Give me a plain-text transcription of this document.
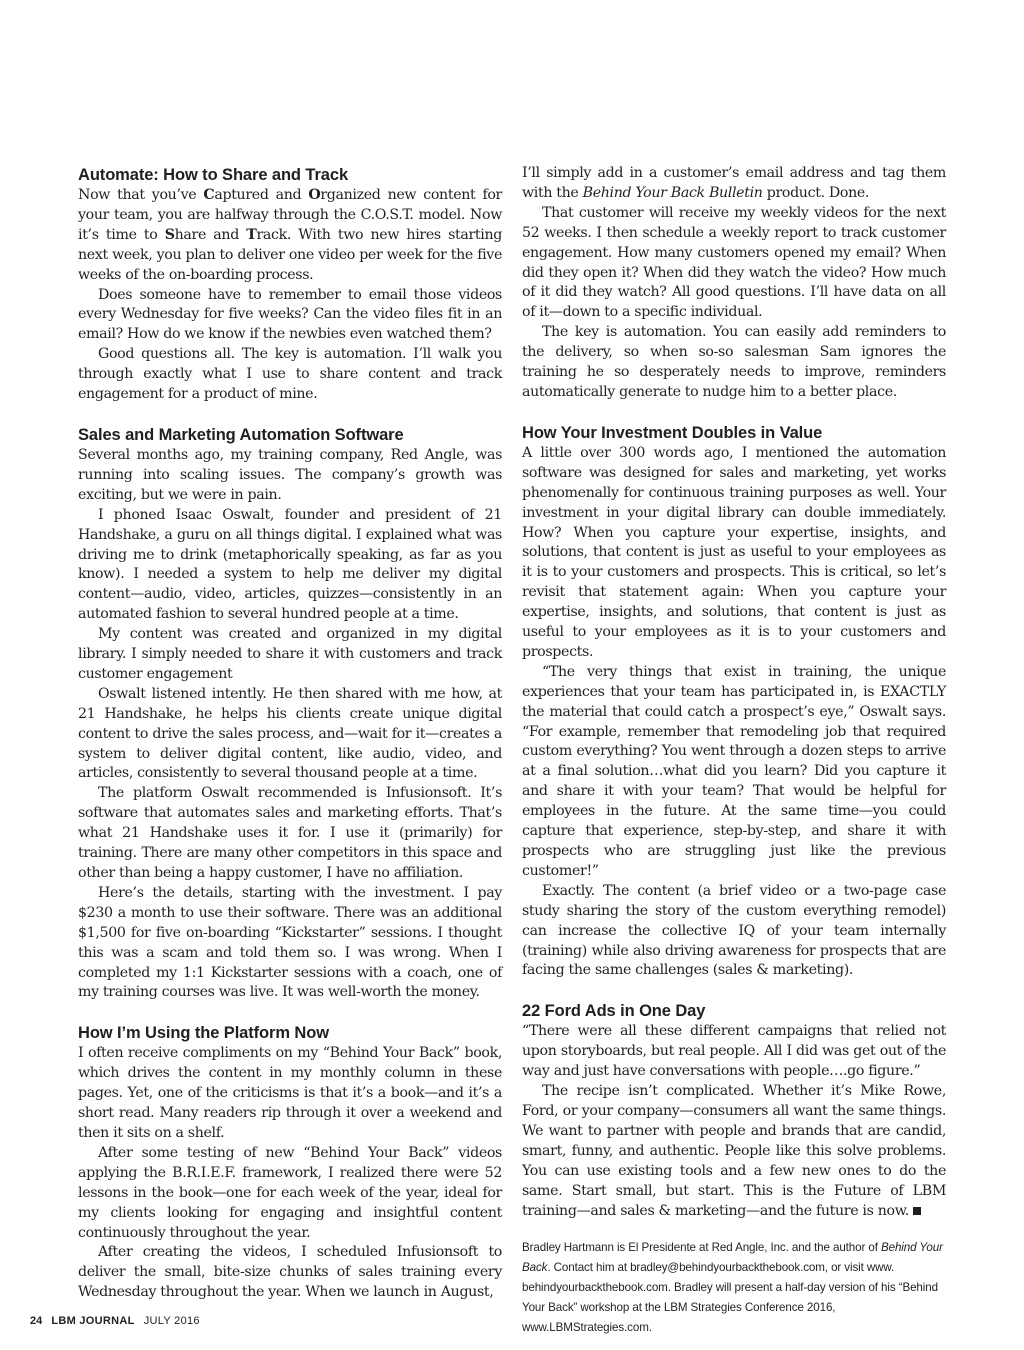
Automate: How to Share and Track

Now that you’ve Captured and Organized new content for your team, you are halfway through the C.O.S.T. model. Now it’s time to Share and Track. With two new hires starting next week, you plan to deliver one video per week for the five weeks of the on-boarding process.

Does someone have to remember to email those videos every Wednesday for five weeks? Can the video files fit in an email? How do we know if the newbies even watched them?

Good questions all. The key is automation. I’ll walk you through exactly what I use to share content and track engagement for a product of mine.

Sales and Marketing Automation Software

Several months ago, my training company, Red Angle, was running into scaling issues. The company’s growth was exciting, but we were in pain.

I phoned Isaac Oswalt, founder and president of 21 Handshake, a guru on all things digital. I explained what was driving me to drink (metaphorically speaking, as far as you know). I needed a system to help me deliver my digital content—audio, video, articles, quizzes—consistently in an automated fashion to several hundred people at a time.

My content was created and organized in my digital library. I simply needed to share it with customers and track customer engagement

Oswalt listened intently. He then shared with me how, at 21 Handshake, he helps his clients create unique digital content to drive the sales process, and—wait for it—creates a system to deliver digital content, like audio, video, and articles, consistently to several thousand people at a time.

The platform Oswalt recommended is Infusionsoft. It’s software that automates sales and marketing efforts. That’s what 21 Handshake uses it for. I use it (primarily) for training. There are many other competitors in this space and other than being a happy customer, I have no affiliation.

Here’s the details, starting with the investment. I pay $230 a month to use their software. There was an additional $1,500 for five on-boarding “Kickstarter” sessions. I thought this was a scam and told them so. I was wrong. When I completed my 1:1 Kickstarter sessions with a coach, one of my training courses was live. It was well-worth the money.

How I’m Using the Platform Now

I often receive compliments on my “Behind Your Back” book, which drives the content in my monthly column in these pages. Yet, one of the criticisms is that it’s a book—and it’s a short read. Many readers rip through it over a weekend and then it sits on a shelf.

After some testing of new “Behind Your Back” videos applying the B.R.I.E.F. framework, I realized there were 52 lessons in the book—one for each week of the year, ideal for my clients looking for engaging and insightful content continuously throughout the year.

After creating the videos, I scheduled Infusionsoft to deliver the small, bite-size chunks of sales training every Wednesday throughout the year. When we launch in August,

I’ll simply add in a customer’s email address and tag them with the Behind Your Back Bulletin product. Done.

That customer will receive my weekly videos for the next 52 weeks. I then schedule a weekly report to track customer engagement. How many customers opened my email? When did they open it? When did they watch the video? How much of it did they watch? All good questions. I’ll have data on all of it—down to a specific individual.

The key is automation. You can easily add reminders to the delivery, so when so-so salesman Sam ignores the training he so desperately needs to improve, reminders automatically generate to nudge him to a better place.

How Your Investment Doubles in Value

A little over 300 words ago, I mentioned the automation software was designed for sales and marketing, yet works phenomenally for continuous training purposes as well. Your investment in your digital library can double immediately. How? When you capture your expertise, insights, and solutions, that content is just as useful to your employees as it is to your customers and prospects. This is critical, so let’s revisit that statement again: When you capture your expertise, insights, and solutions, that content is just as useful to your employees as it is to your customers and prospects.

“The very things that exist in training, the unique experiences that your team has participated in, is EXACTLY the material that could catch a prospect’s eye,” Oswalt says. “For example, remember that remodeling job that required custom everything? You went through a dozen steps to arrive at a final solution…what did you learn? Did you capture it and share it with your team? That would be helpful for employees in the future. At the same time—you could capture that experience, step-by-step, and share it with prospects who are struggling just like the previous customer!”

Exactly. The content (a brief video or a two-page case study sharing the story of the custom everything remodel) can increase the collective IQ of your team internally (training) while also driving awareness for prospects that are facing the same challenges (sales & marketing).

22 Ford Ads in One Day

“There were all these different campaigns that relied not upon storyboards, but real people. All I did was get out of the way and just have conversations with people….go figure.”

The recipe isn’t complicated. Whether it’s Mike Rowe, Ford, or your company—consumers all want the same things. We want to partner with people and brands that are candid, smart, funny, and authentic. People like this solve problems. You can use existing tools and a few new ones to do the same. Start small, but start. This is the Future of LBM training—and sales & marketing—and the future is now.

Bradley Hartmann is El Presidente at Red Angle, Inc. and the author of Behind Your Back. Contact him at bradley@behindyourbackthebook.com, or visit www. behindyourbackthebook.com. Bradley will present a half-day version of his “Behind Your Back” workshop at the LBM Strategies Conference 2016, www.LBMStrategies.com.
24 LBM JOURNAL JULY 2016
